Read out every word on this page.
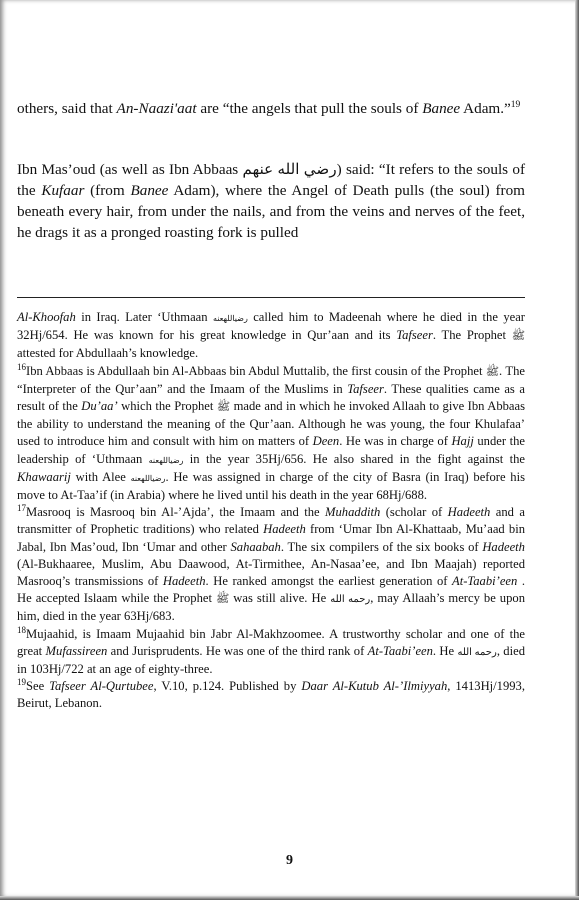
others, said that An-Naazi'aat are “the angels that pull the souls of Banee Adam.”$^{19}$

Ibn Mas’oud (as well as Ibn Abbaas رضي الله عنهم) said: “It refers to the souls of the Kufaar (from Banee Adam), where the Angel of Death pulls (the soul) from beneath every hair, from under the nails, and from the veins and nerves of the feet, he drags it as a pronged roasting fork is pulled

Al-Khoofah in Iraq. Later ‘Uthmaan رضياللهعنه called him to Madeenah where he died in the year 32Hj/654. He was known for his great knowledge in Qur’aan and its Tafseer. The Prophet ﷺ attested for Abdullaah’s knowledge.

$^{16}$Ibn Abbaas is Abdullaah bin Al-Abbaas bin Abdul Muttalib, the first cousin of the Prophet ﷺ. The “Interpreter of the Qur’aan” and the Imaam of the Muslims in Tafseer. These qualities came as a result of the Du’aa’ which the Prophet ﷺ made and in which he invoked Allaah to give Ibn Abbaas the ability to understand the meaning of the Qur’aan. Although he was young, the four Khulafaa’ used to introduce him and consult with him on matters of Deen. He was in charge of Hajj under the leadership of ‘Uthmaan رضياللهعنه in the year 35Hj/656. He also shared in the fight against the Khawaarij with Alee رضياللهعنه. He was assigned in charge of the city of Basra (in Iraq) before his move to At-Taa’if (in Arabia) where he lived until his death in the year 68Hj/688.

$^{17}$Masrooq is Masrooq bin Al-’Ajda’, the Imaam and the Muhaddith (scholar of Hadeeth and a transmitter of Prophetic traditions) who related Hadeeth from ‘Umar Ibn Al-Khattaab, Mu’aad bin Jabal, Ibn Mas’oud, Ibn ‘Umar and other Sahaabah. The six compilers of the six books of Hadeeth (Al-Bukhaaree, Muslim, Abu Daawood, At-Tirmithee, An-Nasaa’ee, and Ibn Maajah) reported Masrooq’s transmissions of Hadeeth. He ranked amongst the earliest generation of At-Taabi’een . He accepted Islaam while the Prophet ﷺ was still alive. He رحمه الله, may Allaah’s mercy be upon him, died in the year 63Hj/683.

$^{18}$Mujaahid, is Imaam Mujaahid bin Jabr Al-Makhzoomee. A trustworthy scholar and one of the great Mufassireen and Jurisprudents. He was one of the third rank of At-Taabi’een. He رحمه الله, died in 103Hj/722 at an age of eighty-three.

$^{19}$See Tafseer Al-Qurtubee, V.10, p.124. Published by Daar Al-Kutub Al-’Ilmiyyah, 1413Hj/1993, Beirut, Lebanon.

9
